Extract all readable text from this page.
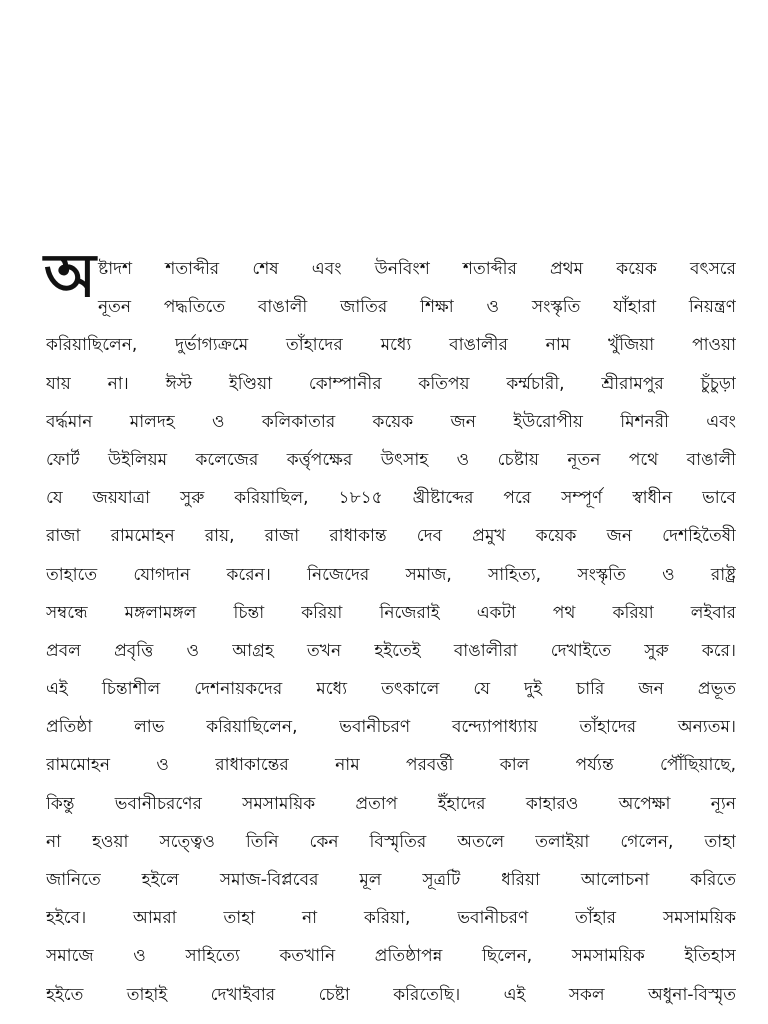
অ ষ্টাদশ শতাব্দীর শেষ এবং উনবিংশ শতাব্দীর প্রথম কয়েক বৎসরে
নূতন পদ্ধতিতে বাঙালী জাতির শিক্ষা ও সংস্কৃতি যাঁহারা নিয়ন্ত্রণ
করিয়াছিলেন, দুর্ভাগ্যক্রমে তাঁহাদের মধ্যে বাঙালীর নাম খুঁজিয়া পাওয়া
যায় না। ঈস্ট ইণ্ডিয়া কোম্পানীর কতিপয় কর্ম্মচারী, শ্রীরামপুর চুঁচুড়া
বর্দ্ধমান মালদহ ও কলিকাতার কয়েক জন ইউরোপীয় মিশনরী এবং
ফোর্ট উইলিয়ম কলেজের কর্ত্তৃপক্ষের উৎসাহ ও চেষ্টায় নূতন পথে বাঙালী
যে জয়যাত্রা সুরু করিয়াছিল, ১৮১৫ খ্রীষ্টাব্দের পরে সম্পূর্ণ স্বাধীন ভাবে
রাজা রামমোহন রায়, রাজা রাধাকান্ত দেব প্রমুখ কয়েক জন দেশহিতৈষী
তাহাতে যোগদান করেন। নিজেদের সমাজ, সাহিত্য, সংস্কৃতি ও রাষ্ট্র
সম্বন্ধে মঙ্গলামঙ্গল চিন্তা করিয়া নিজেরাই একটা পথ করিয়া লইবার
প্রবল প্রবৃত্তি ও আগ্রহ তখন হইতেই বাঙালীরা দেখাইতে সুরু করে।
এই চিন্তাশীল দেশনায়কদের মধ্যে তৎকালে যে দুই চারি জন প্রভূত
প্রতিষ্ঠা লাভ করিয়াছিলেন, ভবানীচরণ বন্দ্যোপাধ্যায় তাঁহাদের অন্যতম।
রামমোহন ও রাধাকান্তের নাম পরবর্ত্তী কাল পর্য্যন্ত পৌঁছিয়াছে,
কিন্তু ভবানীচরণের সমসাময়িক প্রতাপ ইঁহাদের কাহারও অপেক্ষা ন্যূন
না হওয়া সত্ত্বেও তিনি কেন বিস্মৃতির অতলে তলাইয়া গেলেন, তাহা
জানিতে হইলে সমাজ-বিপ্লবের মূল সূত্রটি ধরিয়া আলোচনা করিতে
হইবে। আমরা তাহা না করিয়া, ভবানীচরণ তাঁহার সমসাময়িক
সমাজে ও সাহিত্যে কতখানি প্রতিষ্ঠাপন্ন ছিলেন, সমসাময়িক ইতিহাস
হইতে তাহাই দেখাইবার চেষ্টা করিতেছি। এই সকল অধুনা-বিস্মৃত
